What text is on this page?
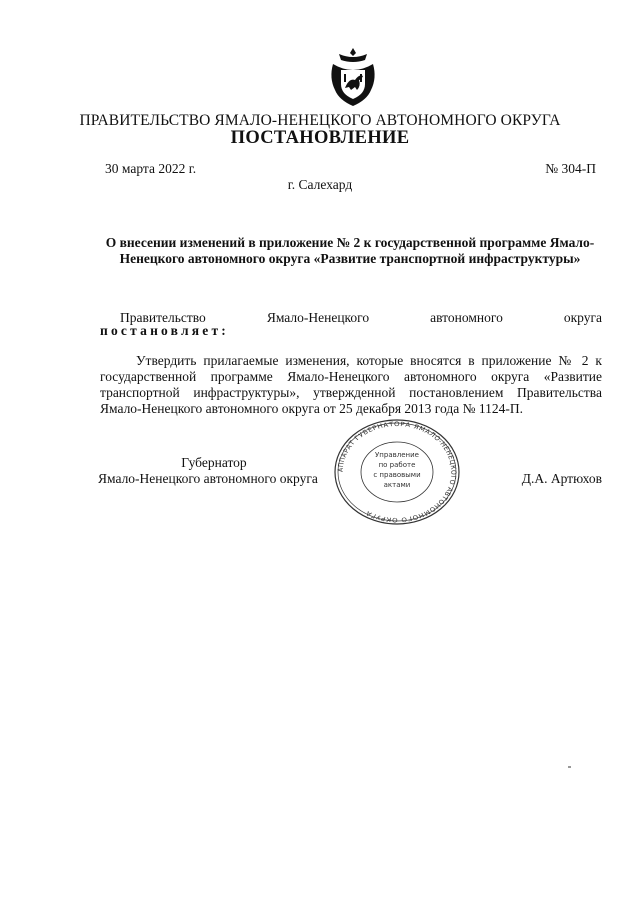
ПРАВИТЕЛЬСТВО ЯМАЛО-НЕНЕЦКОГО АВТОНОМНОГО ОКРУГА
ПОСТАНОВЛЕНИЕ
30 марта 2022 г.	№ 304-П
г. Салехард
О внесении изменений в приложение № 2 к государственной программе Ямало-Ненецкого автономного округа «Развитие транспортной инфраструктуры»
Правительство	Ямало-Ненецкого	автономного	округа
постановляет:
Утвердить прилагаемые изменения, которые вносятся в приложение № 2 к государственной программе Ямало-Ненецкого автономного округа «Развитие транспортной инфраструктуры», утвержденной постановлением Правительства Ямало-Ненецкого автономного округа от 25 декабря 2013 года № 1124-П.
Губернатор
Ямало-Ненецкого автономного округа	Д.А. Артюхов
АППАРАТ ГУБЕРНАТОРА ЯМАЛО-НЕНЕЦКОГО АВТОНОМНОГО ОКРУГА
Управление
по работе
с правовыми
актами
